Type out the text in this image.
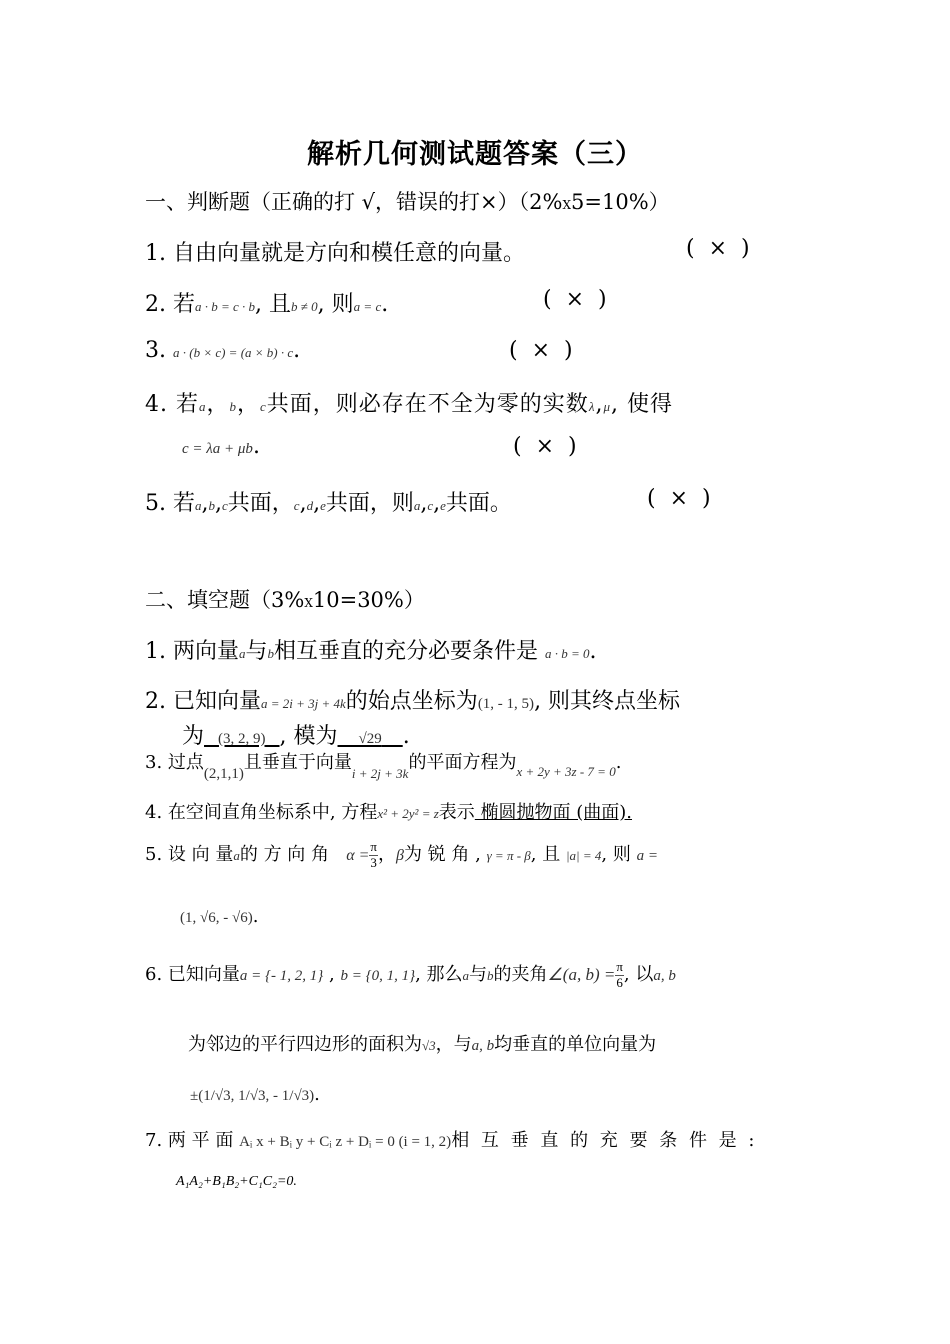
解析几何测试题答案（三）
一、判断题（正确的打 √，错误的打×）（2%X5=10%）
1. 自由向量就是方向和模任意的向量。	(  ×  )
2. 若a · b = c · b, 且b ≠ 0, 则a = c.	(  ×  )
3. a · (b × c) = (a × b) · c.	(  ×  )
4. 若a，b，c共面，则必存在不全为零的实数λ,μ, 使得
c = λa + μb.	(  ×  )
5. 若a,b,c共面，c,d,e共面，则a,c,e共面。	(  ×  )
二、填空题（3%X10=30%）
1. 两向量a与b相互垂直的充分必要条件是 a · b = 0.
2. 已知向量a = 2i + 3j + 4k的始点坐标为(1, - 1, 5), 则其终点坐标
为 (3, 2, 9) , 模为 √29 .
3. 过点$_{(2,1,1)}$且垂直于向量$_{i + 2j + 3k}$的平面方程为$_{x + 2y + 3z - 7 = 0}$.
4. 在空间直角坐标系中, 方程x² + 2y² = z表示 椭圆抛物面 (曲面).
5. 设 向 量a的 方 向 角 $\alpha = \frac{\pi}{3}$ ，β为 锐 角 , γ = π - β, 且 |a| = 4, 则 a =
(1, √6, - √6).
6. 已知向量a = {- 1, 2, 1} , b = {0, 1, 1}, 那么a与b的夹角∠(a, $b) = \frac{\pi}{6}$ , 以a, b
为邻边的平行四边形的面积为√3，与a, b均垂直的单位向量为
±(1/√3, 1/√3, - 1/√3).
7. 两 平 面 Aᵢ x + Bᵢ y + Cᵢ z + Dᵢ = 0 (i = 1, 2)相 互 垂 直 的 充 要 条 件 是 :
A₁A₂+B₁B₂+C₁C₂=0.
